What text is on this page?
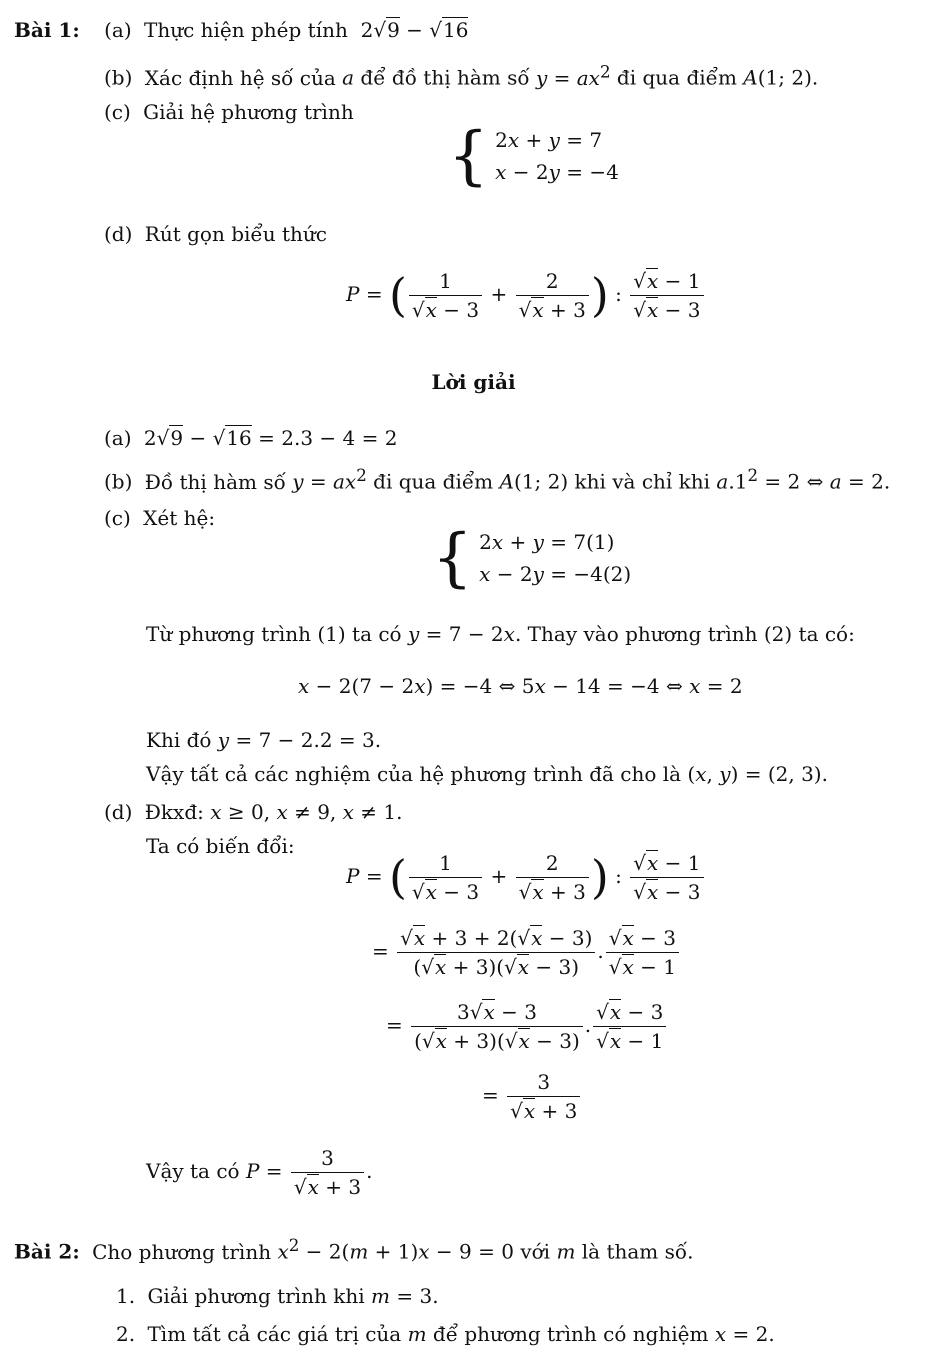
Bài 1: (a) Thực hiện phép tính  2√9 − √16
(b) Xác định hệ số của a để đồ thị hàm số $y = ax^2$ đi qua điểm A(1; 2).
(c) Giải hệ phương trình
{ 2x + y = 7
x − 2y = −4
(d) Rút gọn biểu thức
P = ( $\frac{1}{√x - 3} + \frac{2}{√x + 3}$ ) : $\frac{√x - 1}{√x - 3}$
Lời giải
(a) 2√9 − √16 = 2.3 − 4 = 2
(b) Đồ thị hàm số $y = ax^2$ đi qua điểm A(1; 2) khi và chỉ khi $a.1^2 = 2$ ⇔ a = 2.
(c) Xét hệ:
{ 2x + y = 7(1)
x − 2y = −4(2)
Từ phương trình (1) ta có y = 7 − 2x. Thay vào phương trình (2) ta có:
x − 2(7 − 2x) = −4 ⇔ 5x − 14 = −4 ⇔ x = 2
Khi đó y = 7 − 2.2 = 3.
Vậy tất cả các nghiệm của hệ phương trình đã cho là (x, y) = (2, 3).
(d) Đkxđ: x ≥ 0, x ≠ 9, x ≠ 1.
Ta có biến đổi:
P = ( $\frac{1}{√x - 3} + \frac{2}{√x + 3}$ ) : $\frac{√x - 1}{√x - 3}$
= $\frac{√x + 3 + 2(√x - 3)}{(√x + 3)(√x - 3)}$ . $\frac{√x - 3}{√x - 1}$
= $\frac{3√x - 3}{(√x + 3)(√x - 3)}$ . $\frac{√x - 3}{√x - 1}$
= $\frac{3}{√x + 3}$
Vậy ta có $P = \frac{3}{√x + 3}$ .
Bài 2: Cho phương trình $x^2 - 2(m + 1)x - 9 = 0$ với m là tham số.
1. Giải phương trình khi m = 3.
2. Tìm tất cả các giá trị của m để phương trình có nghiệm x = 2.
